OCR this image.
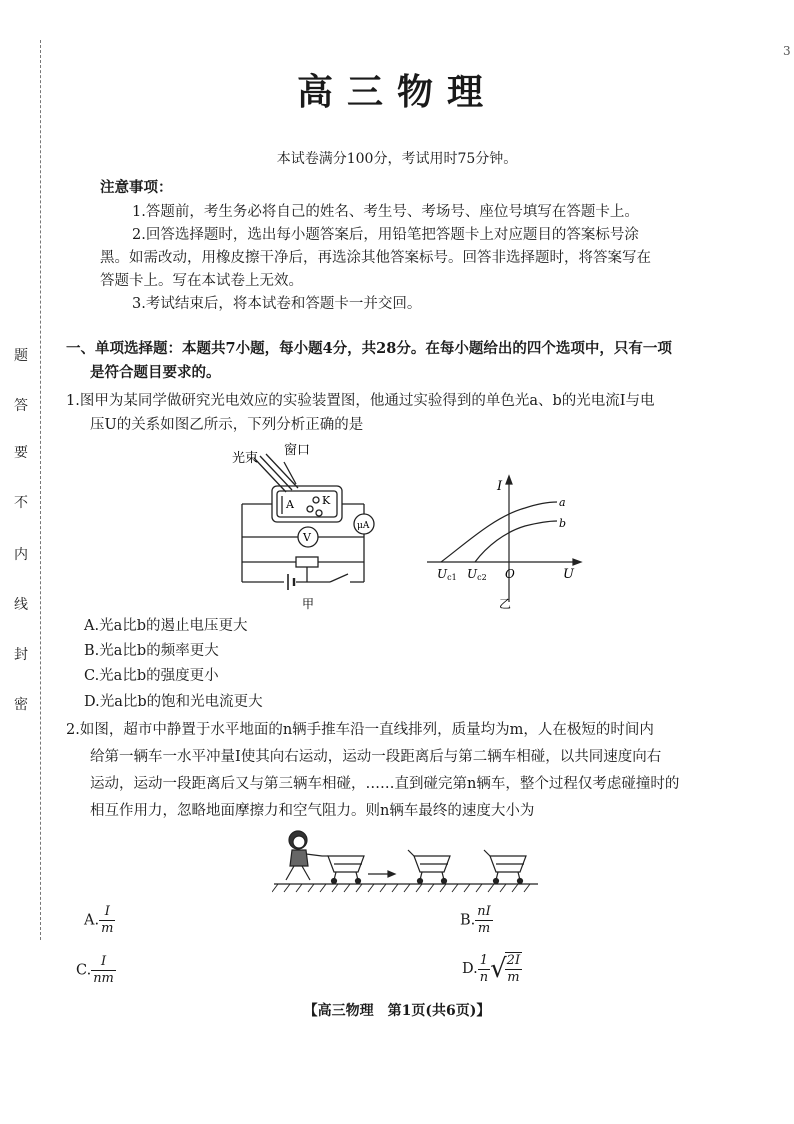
3
题
答
要
不
内
线
封
密
高三物理
本试卷满分100分，考试用时75分钟。
注意事项：
1.答题前，考生务必将自己的姓名、考生号、考场号、座位号填写在答题卡上。
2.回答选择题时，选出每小题答案后，用铅笔把答题卡上对应题目的答案标号涂
黑。如需改动，用橡皮擦干净后，再选涂其他答案标号。回答非选择题时，将答案写在
答题卡上。写在本试卷上无效。
3.考试结束后，将本试卷和答题卡一并交回。
一、单项选择题：本题共7小题，每小题4分，共28分。在每小题给出的四个选项中，只有一项
是符合题目要求的。
1.图甲为某同学做研究光电效应的实验装置图，他通过实验得到的单色光a、b的光电流I与电
压U的关系如图乙所示，下列分析正确的是
光束
窗口
A	K
V
μA
甲
I
U
a
b
Uc1 Uc2 O
乙
A.光a比b的遏止电压更大
B.光a比b的频率更大
C.光a比b的强度更小
D.光a比b的饱和光电流更大
2.如图，超市中静置于水平地面的n辆手推车沿一直线排列，质量均为m，人在极短的时间内
给第一辆车一水平冲量I使其向右运动，运动一段距离后与第二辆车相碰，以共同速度向右
运动，运动一段距离后又与第三辆车相碰，……直到碰完第n辆车，整个过程仅考虑碰撞时的
相互作用力，忽略地面摩擦力和空气阻力。则n辆车最终的速度大小为
A. $\frac{I}{m}$	B. $\frac{nI}{m}$
C. $\frac{I}{nm}$	D. $\frac{1}{n}$ √
$\frac{2I}{m}$
【高三物理　第1页(共6页)】
